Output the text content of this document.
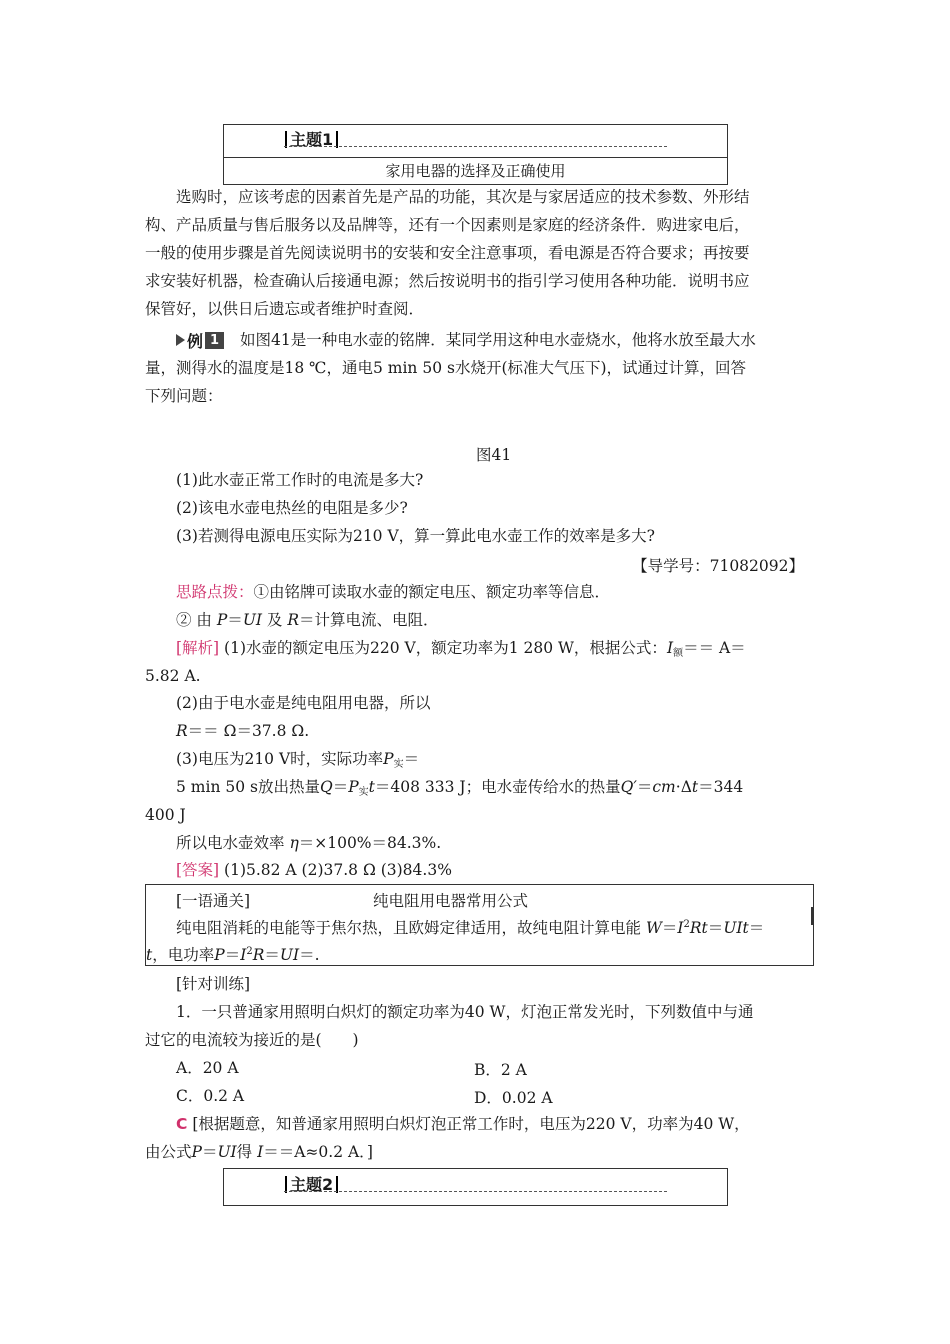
主题1
家用电器的选择及正确使用
选购时，应该考虑的因素首先是产品的功能，其次是与家居适应的技术参数、外形结
构、产品质量与售后服务以及品牌等，还有一个因素则是家庭的经济条件．购进家电后，
一般的使用步骤是首先阅读说明书的安装和安全注意事项，看电源是否符合要求；再按要
求安装好机器，检查确认后接通电源；然后按说明书的指引学习使用各种功能．说明书应
保管好，以供日后遗忘或者维护时查阅．
例 1	如图41是一种电水壶的铭牌．某同学用这种电水壶烧水，他将水放至最大水
量，测得水的温度是18 ℃，通电5 min 50 s水烧开(标准大气压下)，试通过计算，回答
下列问题：
图41
(1)此水壶正常工作时的电流是多大?
(2)该电水壶电热丝的电阻是多少?
(3)若测得电源电压实际为210 V，算一算此电水壶工作的效率是多大?
【导学号：71082092】
思路点拨：①由铭牌可读取水壶的额定电压、额定功率等信息．
② 由 P＝UI 及 R＝计算电流、电阻．
[解析] (1)水壶的额定电压为220 V，额定功率为1 280 W，根据公式：$I_额== A=$
5.82 A.
(2)由于电水壶是纯电阻用电器，所以
R＝＝ Ω＝37.8 Ω.
(3)电压为210 V时，实际功率$P_实=$
5 min 50 s放出热量$Q=P_实t=408$ 333 J；电水壶传给水的热量Q′＝cm·Δt＝344
400 J
所以电水壶效率 η＝×100%＝84.3%.
[答案] (1)5.82 A (2)37.8 Ω (3)84.3%
[一语通关]	纯电阻用电器常用公式
纯电阻消耗的电能等于焦尔热，且欧姆定律适用，故纯电阻计算电能 $W=I^2Rt=UIt=$
t，电功率$P=I^2R=UI=$.
[针对训练]
1．一只普通家用照明白炽灯的额定功率为40 W，灯泡正常发光时，下列数值中与通
过它的电流较为接近的是(　　)
A．20 A	B．2 A
C．0.2 A	D．0.02 A
C [根据题意，知普通家用照明白炽灯泡正常工作时，电压为220 V，功率为40 W，
由公式P＝UI得 I＝＝A≈0.2 A．]
主题2
